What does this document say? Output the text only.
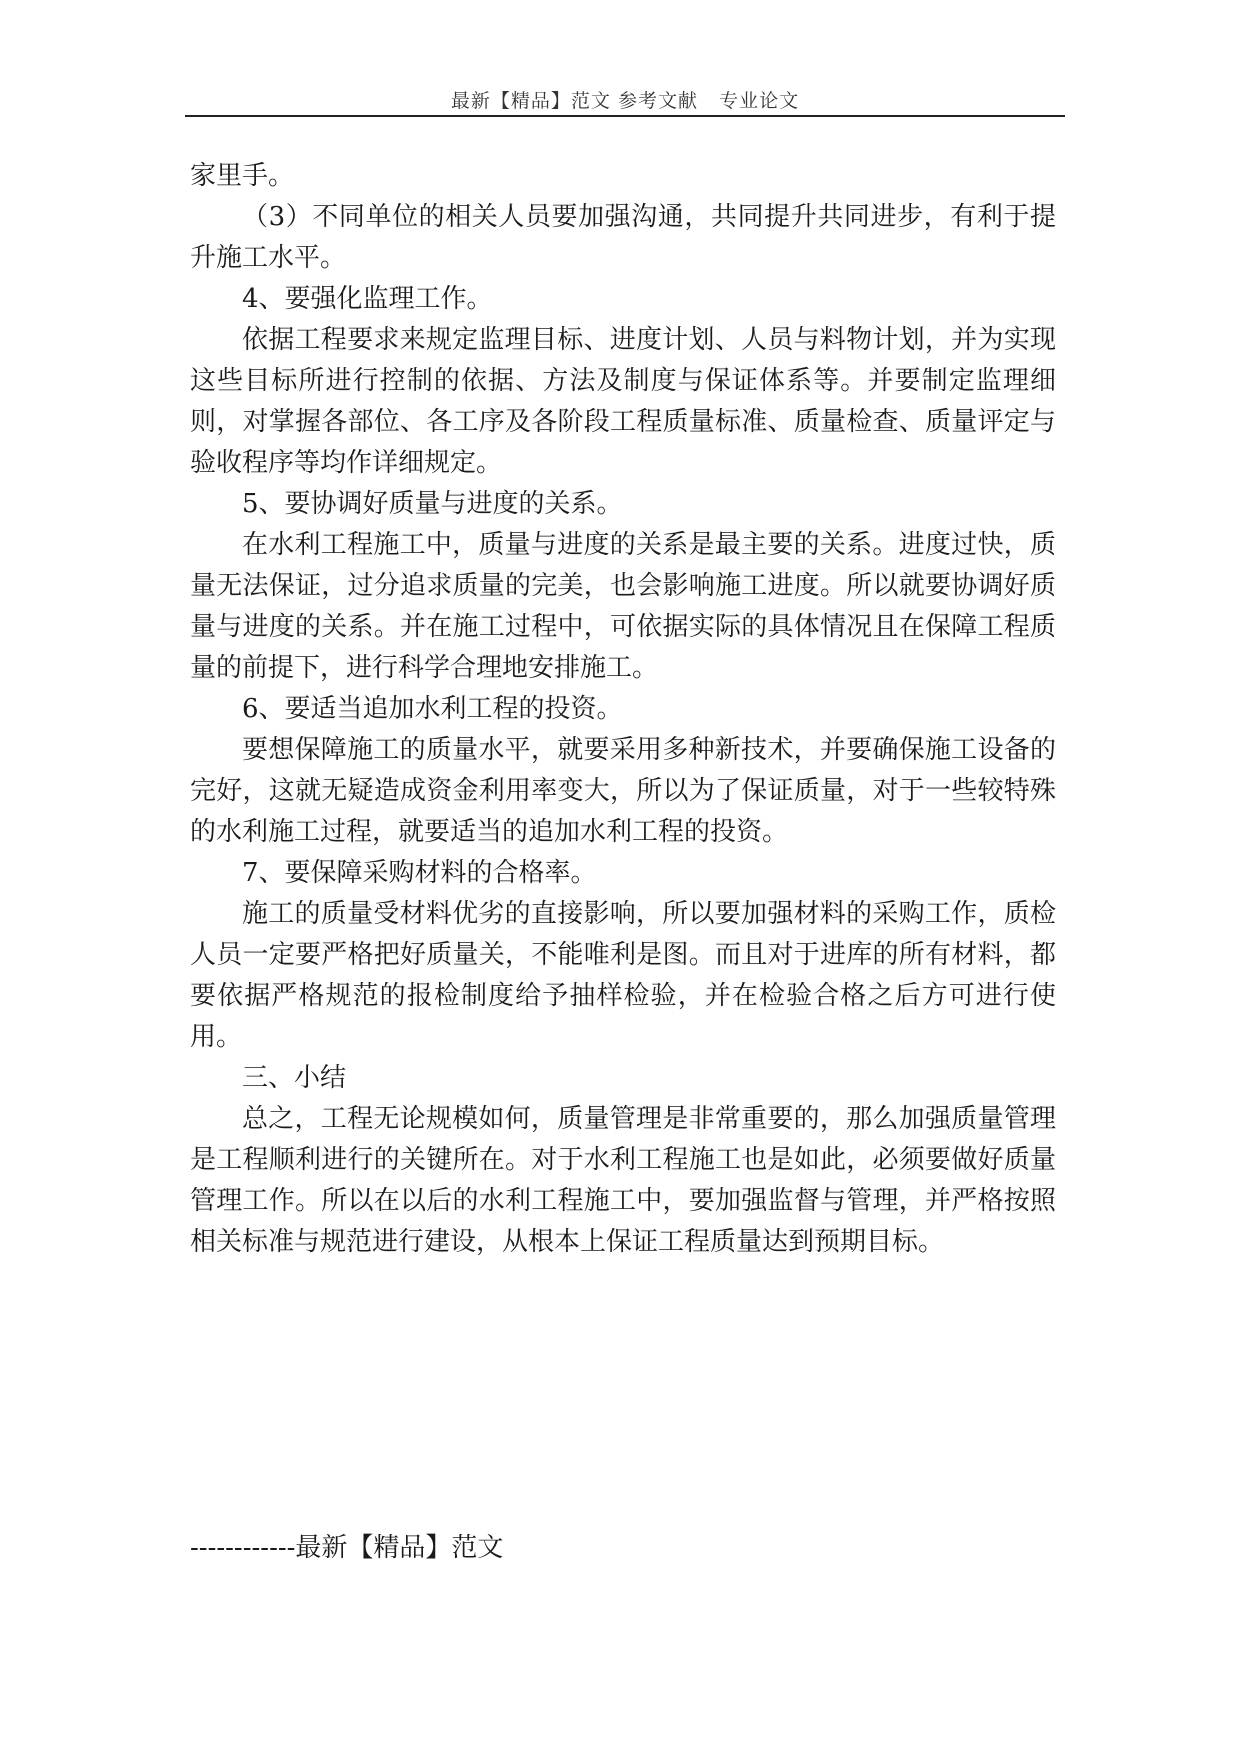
最新【精品】范文 参考文献   专业论文

家里手。

（3）不同单位的相关人员要加强沟通，共同提升共同进步，有利于提升施工水平。

4、要强化监理工作。

依据工程要求来规定监理目标、进度计划、人员与料物计划，并为实现这些目标所进行控制的依据、方法及制度与保证体系等。并要制定监理细则，对掌握各部位、各工序及各阶段工程质量标准、质量检查、质量评定与验收程序等均作详细规定。

5、要协调好质量与进度的关系。

在水利工程施工中，质量与进度的关系是最主要的关系。进度过快，质量无法保证，过分追求质量的完美，也会影响施工进度。所以就要协调好质量与进度的关系。并在施工过程中，可依据实际的具体情况且在保障工程质量的前提下，进行科学合理地安排施工。

6、要适当追加水利工程的投资。

要想保障施工的质量水平，就要采用多种新技术，并要确保施工设备的完好，这就无疑造成资金利用率变大，所以为了保证质量，对于一些较特殊的水利施工过程，就要适当的追加水利工程的投资。

7、要保障采购材料的合格率。

施工的质量受材料优劣的直接影响，所以要加强材料的采购工作，质检人员一定要严格把好质量关，不能唯利是图。而且对于进库的所有材料，都要依据严格规范的报检制度给予抽样检验，并在检验合格之后方可进行使用。

三、小结

总之，工程无论规模如何，质量管理是非常重要的，那么加强质量管理是工程顺利进行的关键所在。对于水利工程施工也是如此，必须要做好质量管理工作。所以在以后的水利工程施工中，要加强监督与管理，并严格按照相关标准与规范进行建设，从根本上保证工程质量达到预期目标。

------------最新【精品】范文
